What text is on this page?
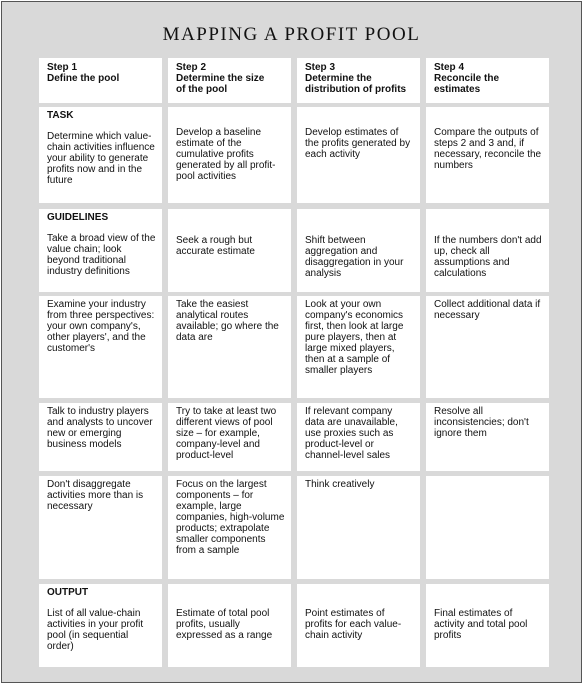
MAPPING A PROFIT POOL
Step 1
Define the pool
Step 2
Determine the size of the pool
Step 3
Determine the distribution of profits
Step 4
Reconcile the estimates
TASK
Determine which value-chain activities influence your ability to generate profits now and in the future
Develop a baseline estimate of the cumulative profits generated by all profit-pool activities
Develop estimates of the profits generated by each activity
Compare the outputs of steps 2 and 3 and, if necessary, reconcile the numbers
GUIDELINES
Take a broad view of the value chain; look beyond traditional industry definitions
Seek a rough but accurate estimate
Shift between aggregation and disaggregation in your analysis
If the numbers don't add up, check all assumptions and calculations
Examine your industry from three perspectives: your own company's, other players', and the customer's
Take the easiest analytical routes available; go where the data are
Look at your own company's economics first, then look at large pure players, then at large mixed players, then at a sample of smaller players
Collect additional data if necessary
Talk to industry players and analysts to uncover new or emerging business models
Try to take at least two different views of pool size – for example, company-level and product-level
If relevant company data are unavailable, use proxies such as product-level or channel-level sales
Resolve all inconsistencies; don't ignore them
Don't disaggregate activities more than is necessary
Focus on the largest components – for example, large companies, high-volume products; extrapolate smaller components from a sample
Think creatively
OUTPUT
List of all value-chain activities in your profit pool (in sequential order)
Estimate of total pool profits, usually expressed as a range
Point estimates of profits for each value-chain activity
Final estimates of activity and total pool profits
